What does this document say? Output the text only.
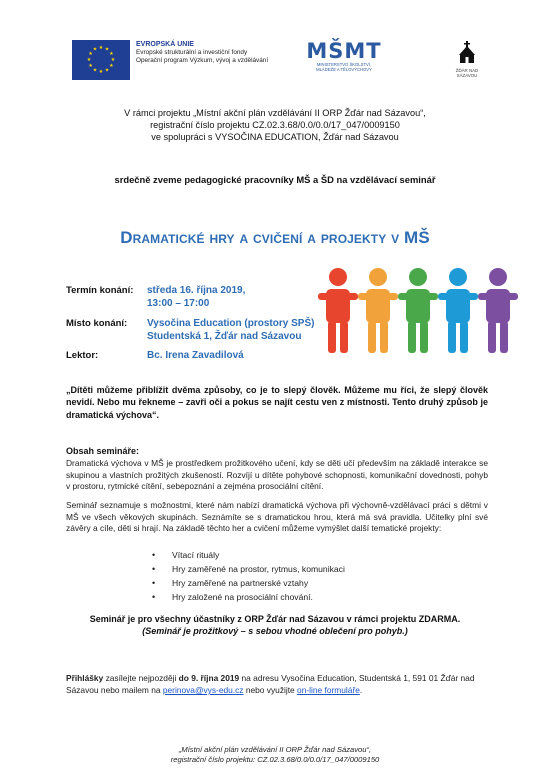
★ ★
★
★
★
★
★
★
★
★
★
★
EVROPSKÁ UNIE
Evropské strukturální a investiční fondy
Operační program Výzkum, vývoj a vzdělávání	MŠMT
MINISTERSTVO ŠKOLSTVÍ,
MLÁDEŽE A TĚLOVÝCHOVY	ŽĎÁR NAD SÁZAVOU
V rámci projektu „Místní akční plán vzdělávání II ORP Žďár nad Sázavou“,
registrační číslo projektu CZ.02.3.68/0.0/0.0/17_047/0009150
ve spolupráci s VYSOČINA EDUCATION, Žďár nad Sázavou
srdečně zveme pedagogické pracovníky MŠ a ŠD na vzdělávací seminář
Dramatické hry a cvičení a projekty v MŠ
Termín konání: středa 16. října 2019,
13:00 – 17:00
Místo konání: Vysočina Education (prostory SPŠ)
Studentská 1, Žďár nad Sázavou
Lektor:	Bc. Irena Zavadilová
„Dítěti můžeme přiblížit dvěma způsoby, co je to slepý člověk. Můžeme mu říci, že slepý člověk nevidí. Nebo mu řekneme – zavři oči a pokus se najít cestu ven z místnosti. Tento druhý způsob je dramatická výchova“.
Obsah semináře:
Dramatická výchova v MŠ je prostředkem prožitkového učení, kdy se děti učí především na základě interakce se skupinou a vlastních prožitých zkušeností. Rozvíjí u dítěte pohybové schopnosti, komunikační dovednosti, pohyb v prostoru, rytmické cítění, sebepoznání a zejména prosociální cítění.
Seminář seznamuje s možnostmi, které nám nabízí dramatická výchova při výchovně-vzdělávací práci s dětmi v MŠ ve všech věkových skupinách. Seznámíte se s dramatickou hrou, která má svá pravidla. Učitelky plní své závěry a cíle, děti si hrají. Na základě těchto her a cvičení můžeme vymýšlet další tematické projekty:
• Vítací rituály
• Hry zaměřené na prostor, rytmus, komunikaci
• Hry zaměřené na partnerské vztahy
• Hry založené na prosociální chování.
Seminář je pro všechny účastníky z ORP Žďár nad Sázavou v rámci projektu ZDARMA.
(Seminář je prožitkový – s sebou vhodné oblečení pro pohyb.)
Přihlášky zasílejte nejpozději do 9. října 2019 na adresu Vysočina Education, Studentská 1, 591 01 Žďár nad Sázavou nebo mailem na perinova@vys-edu.cz nebo využijte on-line formuláře.
„Místní akční plán vzdělávání II ORP Žďár nad Sázavou“,
registrační číslo projektu: CZ.02.3.68/0.0/0.0/17_047/0009150
